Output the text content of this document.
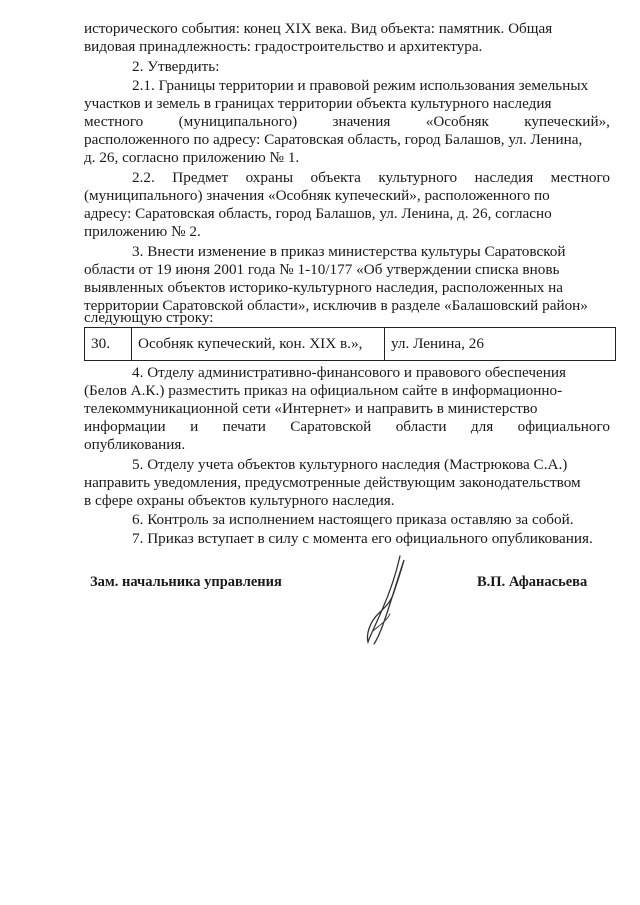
исторического события: конец XIX века. Вид объекта: памятник. Общая
видовая принадлежность: градостроительство и архитектура.
2. Утвердить:
2.1. Границы территории и правовой режим использования земельных
участков и земель в границах территории объекта культурного наследия
местного (муниципального) значения «Особняк купеческий»,
расположенного по адресу: Саратовская область, город Балашов, ул. Ленина,
д. 26, согласно приложению № 1.
2.2. Предмет охраны объекта культурного наследия местного
(муниципального) значения «Особняк купеческий», расположенного по
адресу: Саратовская область, город Балашов, ул. Ленина, д. 26, согласно
приложению № 2.
3. Внести изменение в приказ министерства культуры Саратовской
области от 19 июня 2001 года № 1-10/177 «Об утверждении списка вновь
выявленных объектов историко-культурного наследия, расположенных на
территории Саратовской области», исключив в разделе «Балашовский район»
следующую строку:
30.	Особняк купеческий, кон. XIX в.»,	ул. Ленина, 26
4. Отделу административно-финансового и правового обеспечения
(Белов А.К.) разместить приказ на официальном сайте в информационно-
телекоммуникационной сети «Интернет» и направить в министерство
информации и печати Саратовской области для официального
опубликования.
5. Отделу учета объектов культурного наследия (Мастрюкова С.А.)
направить уведомления, предусмотренные действующим законодательством
в сфере охраны объектов культурного наследия.
6. Контроль за исполнением настоящего приказа оставляю за собой.
7. Приказ вступает в силу с момента его официального опубликования.
Зам. начальника управления	В.П. Афанасьева
